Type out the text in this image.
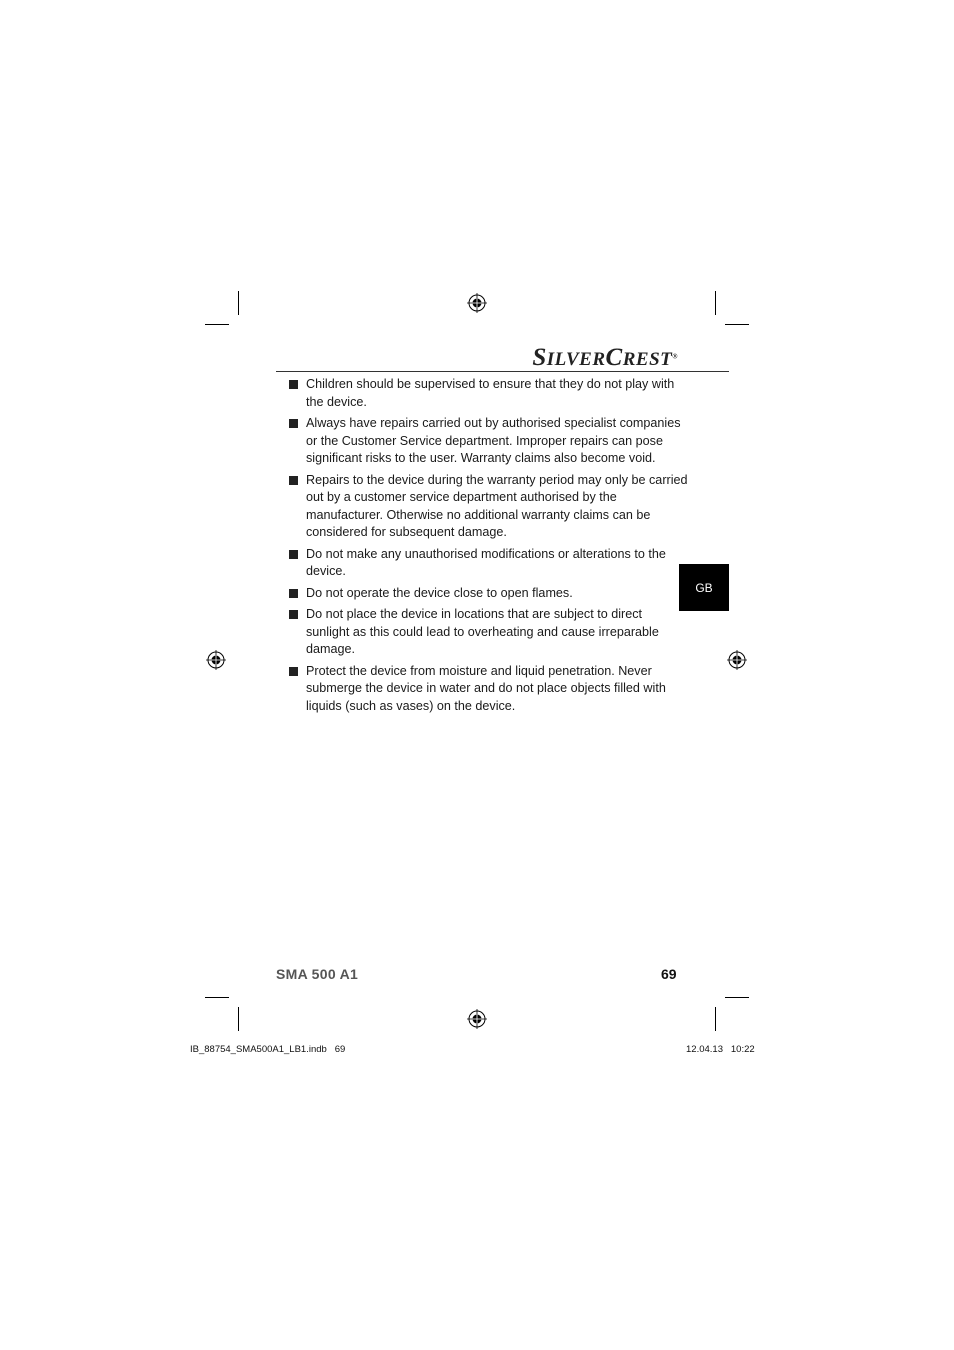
SILVERCREST®
Children should be supervised to ensure that they do not play with the device.
Always have repairs carried out by authorised specialist companies or the Customer Service department. Improper repairs can pose significant risks to the user. Warranty claims also become void.
Repairs to the device during the warranty period may only be carried out by a customer service department authorised by the manufacturer. Otherwise no additional warranty claims can be considered for subsequent damage.
Do not make any unauthorised modifications or alterations to the device.
Do not operate the device close to open flames.
Do not place the device in locations that are subject to direct sunlight as this could lead to overheating and cause irreparable damage.
Protect the device from moisture and liquid penetration. Never submerge the device in water and do not place objects filled with liquids (such as vases) on the device.
GB
SMA 500 A1	69
IB_88754_SMA500A1_LB1.indb   69	12.04.13   10:22
